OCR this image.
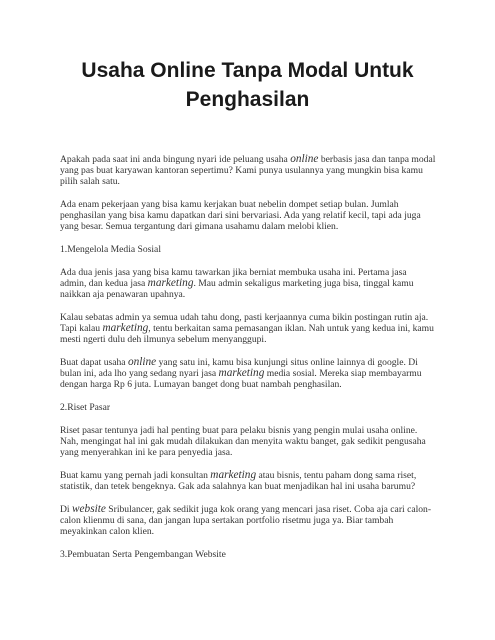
Usaha Online Tanpa Modal Untuk
Penghasilan

Apakah pada saat ini anda bingung nyari ide peluang usaha online berbasis jasa dan tanpa modal
yang pas buat karyawan kantoran sepertimu? Kami punya usulannya yang mungkin bisa kamu
pilih salah satu.

Ada enam pekerjaan yang bisa kamu kerjakan buat nebelin dompet setiap bulan. Jumlah
penghasilan yang bisa kamu dapatkan dari sini bervariasi. Ada yang relatif kecil, tapi ada juga
yang besar. Semua tergantung dari gimana usahamu dalam melobi klien.

1.Mengelola Media Sosial

Ada dua jenis jasa yang bisa kamu tawarkan jika berniat membuka usaha ini. Pertama jasa
admin, dan kedua jasa marketing. Mau admin sekaligus marketing juga bisa, tinggal kamu
naikkan aja penawaran upahnya.

Kalau sebatas admin ya semua udah tahu dong, pasti kerjaannya cuma bikin postingan rutin aja.
Tapi kalau marketing, tentu berkaitan sama pemasangan iklan. Nah untuk yang kedua ini, kamu
mesti ngerti dulu deh ilmunya sebelum menyanggupi.

Buat dapat usaha online yang satu ini, kamu bisa kunjungi situs online lainnya di google. Di
bulan ini, ada lho yang sedang nyari jasa marketing media sosial. Mereka siap membayarmu
dengan harga Rp 6 juta. Lumayan banget dong buat nambah penghasilan.

2.Riset Pasar

Riset pasar tentunya jadi hal penting buat para pelaku bisnis yang pengin mulai usaha online.
Nah, mengingat hal ini gak mudah dilakukan dan menyita waktu banget, gak sedikit pengusaha
yang menyerahkan ini ke para penyedia jasa.

Buat kamu yang pernah jadi konsultan marketing atau bisnis, tentu paham dong sama riset,
statistik, dan tetek bengeknya. Gak ada salahnya kan buat menjadikan hal ini usaha barumu?

Di website Sribulancer, gak sedikit juga kok orang yang mencari jasa riset. Coba aja cari calon-
calon klienmu di sana, dan jangan lupa sertakan portfolio risetmu juga ya. Biar tambah
meyakinkan calon klien.

3.Pembuatan Serta Pengembangan Website
